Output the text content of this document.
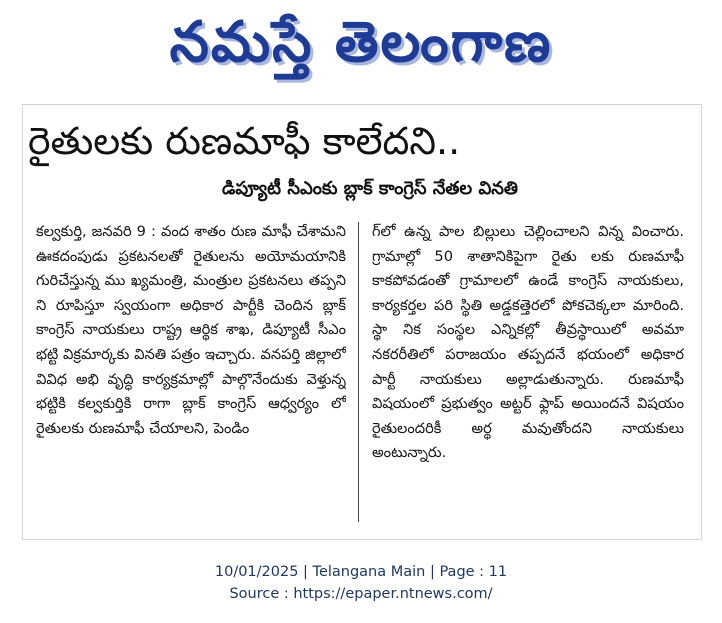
నమస్తే తెలంగాణ
రైతులకు రుణమాఫీ కాలేదని..
డిప్యూటీ సీఎంకు బ్లాక్ కాంగ్రెస్ నేతల వినతి
కల్వకుర్తి, జనవరి 9 : వంద శాతం రుణ మాఫీ చేశామని ఊకదంపుడు ప్రకటనలతో రైతులను అయోమయానికి గురిచేస్తున్న ము ఖ్యమంత్రి, మంత్రుల ప్రకటనలు తప్పని ని రూపిస్తూ స్వయంగా అధికార పార్టీకి చెందిన బ్లాక్ కాంగ్రెస్ నాయకులు రాష్ట్ర ఆర్థిక శాఖ, డిప్యూటీ సీఎం భట్టి విక్రమార్కకు వినతి పత్రం ఇచ్చారు. వనపర్తి జిల్లాలో వివిధ అభి వృద్ధి కార్యక్రమాల్లో పాల్గొనేందుకు వెళ్తున్న భట్టికి కల్వకుర్తికి రాగా బ్లాక్ కాంగ్రెస్ ఆధ్వర్యం లో రైతులకు రుణమాఫీ చేయాలని, పెండిం
గ్‌లో ఉన్న పాల బిల్లులు చెల్లించాలని విన్న వించారు. గ్రామాల్లో 50 శాతానికిపైగా రైతు లకు రుణమాఫీ కాకపోవడంతో గ్రామాలలో ఉండే కాంగ్రెస్ నాయకులు, కార్యకర్తల పరి స్థితి అడ్డకత్తెరలో పోకచెక్కలా మారింది. స్థా నిక సంస్థల ఎన్నికల్లో తీవ్రస్థాయిలో అవమా నకరరీతిలో పరాజయం తప్పదనే భయంలో అధికార పార్టీ నాయకులు అల్లాడుతున్నారు. రుణమాఫీ విషయంలో ప్రభుత్వం అట్టర్ ఫ్లాప్ అయిందనే విషయం రైతులందరికీ అర్థ మవుతోందని నాయకులు అంటున్నారు.
10/01/2025 | Telangana Main | Page : 11
Source : https://epaper.ntnews.com/
